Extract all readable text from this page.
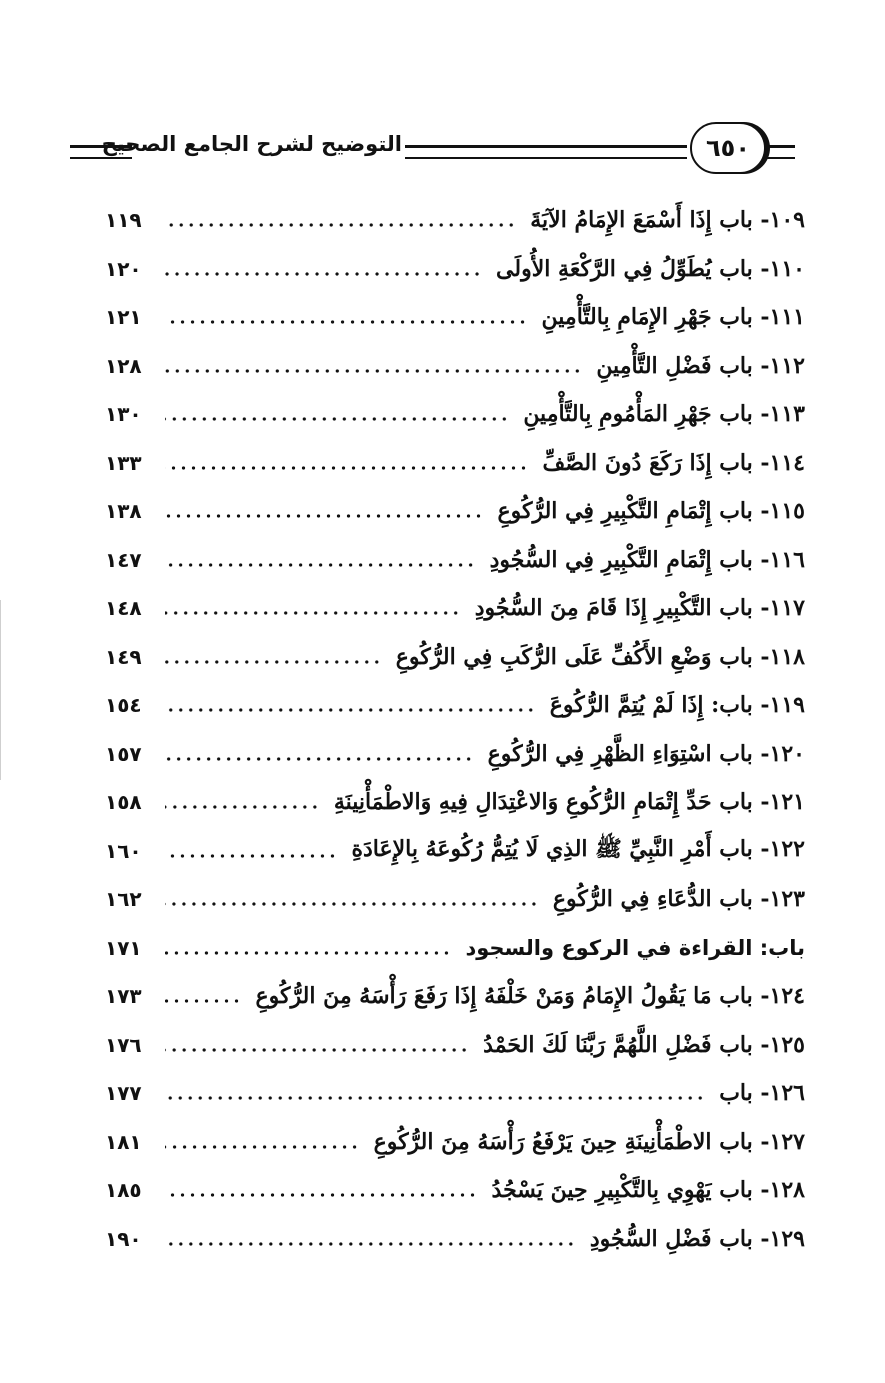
التوضيح لشرح الجامع الصحيح	٦٥٠
١٠٩- باب إِذَا أَسْمَعَ الإِمَامُ الآيَةَ
١١٩
١١٠- باب يُطَوِّلُ فِي الرَّكْعَةِ الأُولَى
١٢٠
١١١- باب جَهْرِ الإِمَامِ بِالتَّأْمِينِ
١٢١
١١٢- باب فَضْلِ التَّأْمِينِ
١٢٨
١١٣- باب جَهْرِ المَأْمُومِ بِالتَّأْمِينِ
١٣٠
١١٤- باب إِذَا رَكَعَ دُونَ الصَّفِّ
١٣٣
١١٥- باب إِتْمَامِ التَّكْبِيرِ فِي الرُّكُوعِ
١٣٨
١١٦- باب إِتْمَامِ التَّكْبِيرِ فِي السُّجُودِ
١٤٧
١١٧- باب التَّكْبِيرِ إِذَا قَامَ مِنَ السُّجُودِ
١٤٨
١١٨- باب وَضْعِ الأَكُفِّ عَلَى الرُّكَبِ فِي الرُّكُوعِ
١٤٩
١١٩- باب: إِذَا لَمْ يُتِمَّ الرُّكُوعَ
١٥٤
١٢٠- باب اسْتِوَاءِ الظَّهْرِ فِي الرُّكُوعِ
١٥٧
١٢١- باب حَدِّ إِتْمَامِ الرُّكُوعِ وَالاعْتِدَالِ فِيهِ وَالاطْمَأْنِينَةِ
١٥٨
١٢٢- باب أَمْرِ النَّبِيِّ ﷺ الذِي لَا يُتِمُّ رُكُوعَهُ بِالإِعَادَةِ
١٦٠
١٢٣- باب الدُّعَاءِ فِي الرُّكُوعِ
١٦٢
باب: القراءة في الركوع والسجود
١٧١
١٢٤- باب مَا يَقُولُ الإِمَامُ وَمَنْ خَلْفَهُ إِذَا رَفَعَ رَأْسَهُ مِنَ الرُّكُوعِ
١٧٣
١٢٥- باب فَضْلِ اللَّهُمَّ رَبَّنَا لَكَ الحَمْدُ
١٧٦
١٢٦- باب
١٧٧
١٢٧- باب الاطْمَأْنِينَةِ حِينَ يَرْفَعُ رَأْسَهُ مِنَ الرُّكُوعِ
١٨١
١٢٨- باب يَهْوِي بِالتَّكْبِيرِ حِينَ يَسْجُدُ
١٨٥
١٢٩- باب فَضْلِ السُّجُودِ
١٩٠
